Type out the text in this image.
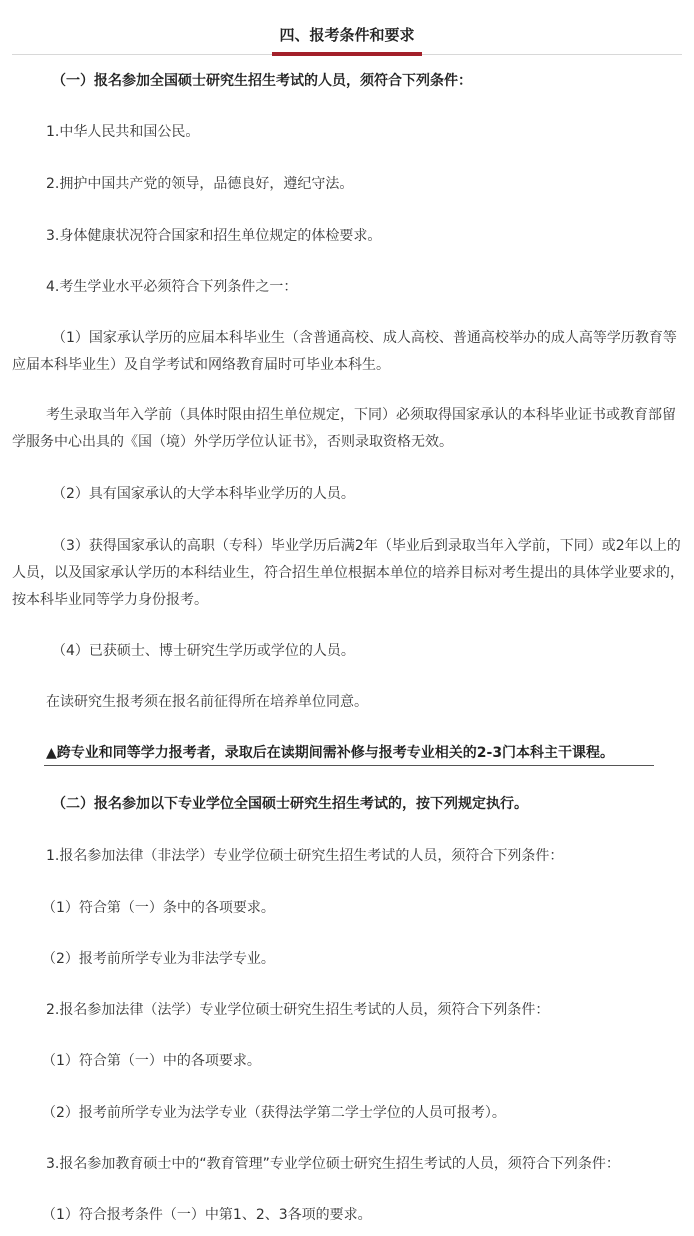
四、报考条件和要求

（一）报名参加全国硕士研究生招生考试的人员，须符合下列条件：

1.中华人民共和国公民。

2.拥护中国共产党的领导，品德良好，遵纪守法。

3.身体健康状况符合国家和招生单位规定的体检要求。

4.考生学业水平必须符合下列条件之一：

（1）国家承认学历的应届本科毕业生（含普通高校、成人高校、普通高校举办的成人高等学历教育等应届本科毕业生）及自学考试和网络教育届时可毕业本科生。

考生录取当年入学前（具体时限由招生单位规定，下同）必须取得国家承认的本科毕业证书或教育部留学服务中心出具的《国（境）外学历学位认证书》，否则录取资格无效。

（2）具有国家承认的大学本科毕业学历的人员。

（3）获得国家承认的高职（专科）毕业学历后满2年（毕业后到录取当年入学前，下同）或2年以上的人员，以及国家承认学历的本科结业生，符合招生单位根据本单位的培养目标对考生提出的具体学业要求的，按本科毕业同等学力身份报考。

（4）已获硕士、博士研究生学历或学位的人员。

在读研究生报考须在报名前征得所在培养单位同意。

▲跨专业和同等学力报考者，录取后在读期间需补修与报考专业相关的2-3门本科主干课程。

（二）报名参加以下专业学位全国硕士研究生招生考试的，按下列规定执行。

1.报名参加法律（非法学）专业学位硕士研究生招生考试的人员，须符合下列条件：

（1）符合第（一）条中的各项要求。

（2）报考前所学专业为非法学专业。

2.报名参加法律（法学）专业学位硕士研究生招生考试的人员，须符合下列条件：

（1）符合第（一）中的各项要求。

（2）报考前所学专业为法学专业（获得法学第二学士学位的人员可报考）。

3.报名参加教育硕士中的“教育管理”专业学位硕士研究生招生考试的人员，须符合下列条件：

（1）符合报考条件（一）中第1、2、3各项的要求。
